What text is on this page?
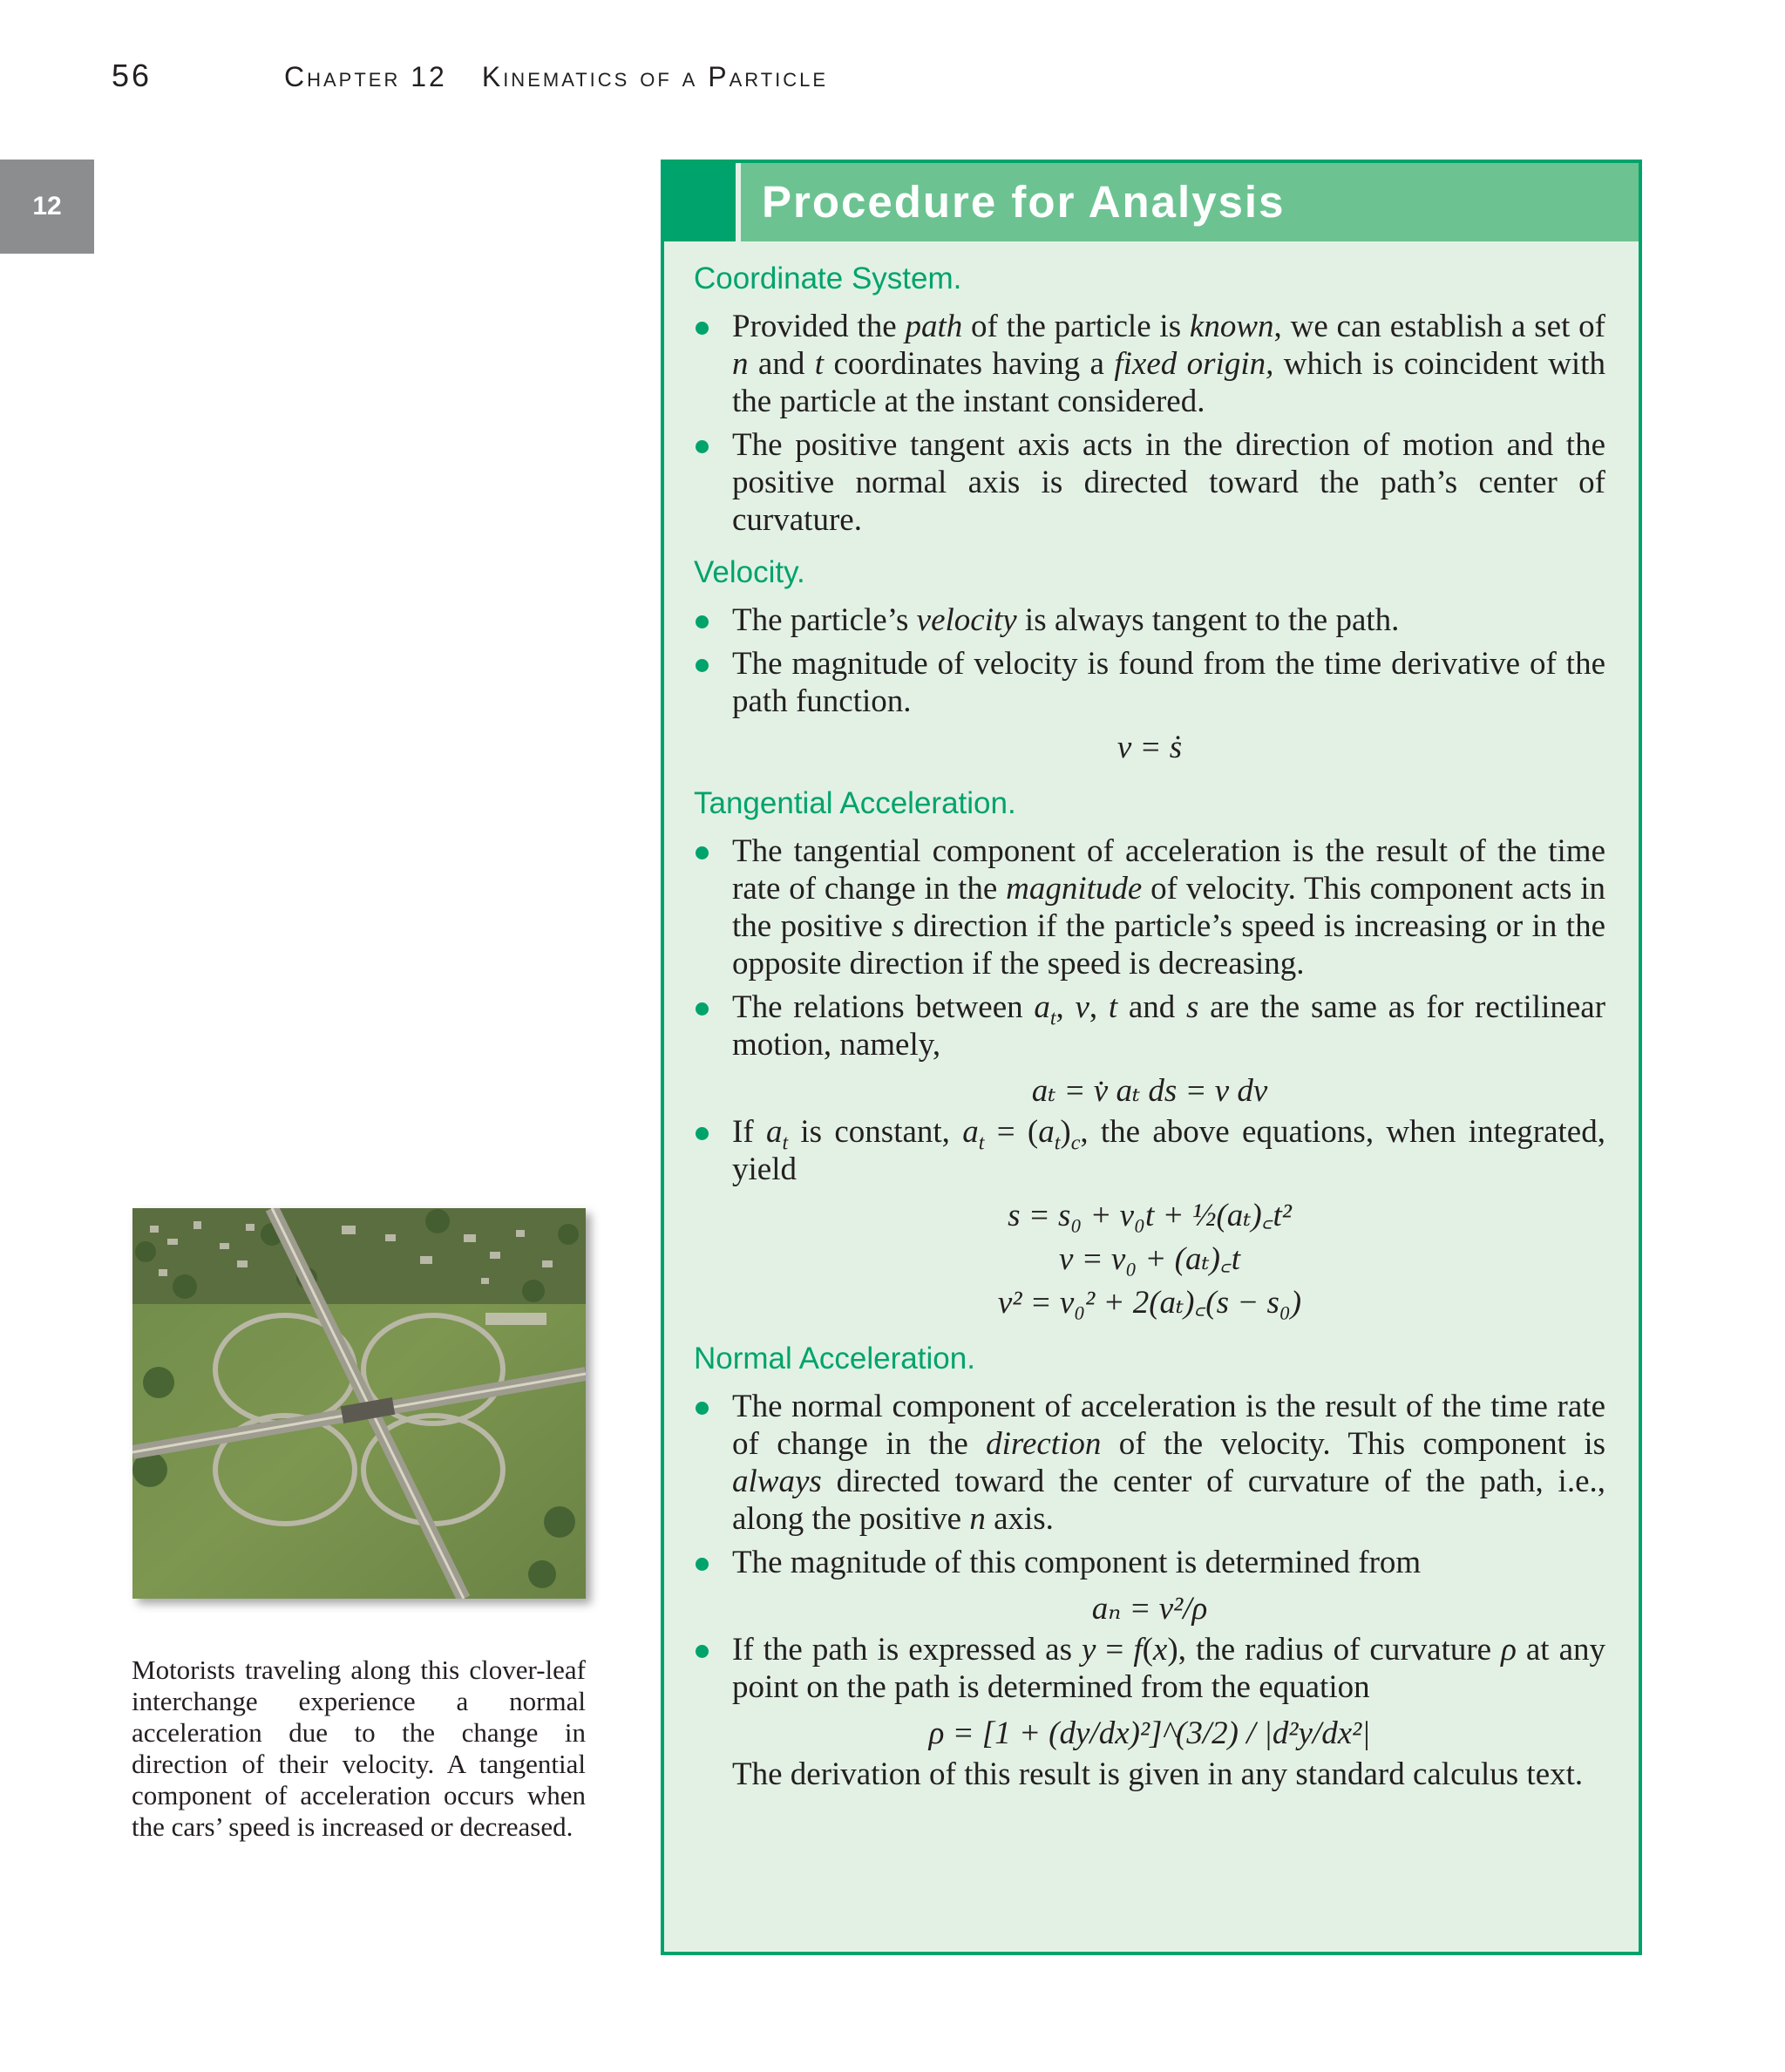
56	Chapter 12 Kinematics of a Particle
12
Motorists traveling along this clover-leaf interchange experience a normal acceleration due to the change in direction of their velocity. A tangential component of acceleration occurs when the cars’ speed is increased or decreased.
Procedure for Analysis
Coordinate System.
Provided the path of the particle is known, we can establish a set of n and t coordinates having a fixed origin, which is coincident with the particle at the instant considered.
The positive tangent axis acts in the direction of motion and the positive normal axis is directed toward the path’s center of curvature.
Velocity.
The particle’s velocity is always tangent to the path.
The magnitude of velocity is found from the time derivative of the path function.
v = ṡ
Tangential Acceleration.
The tangential component of acceleration is the result of the time rate of change in the magnitude of velocity. This component acts in the positive s direction if the particle’s speed is increasing or in the opposite direction if the speed is decreasing.
The relations between $a_t$, v, t and s are the same as for rectilinear motion, namely,
aₜ = v̇ aₜ ds = v dv
If $a_t$ is constant, $a_t = (a_t)_c$, the above equations, when integrated, yield
s = s₀ + v₀t + ½(aₜ)꜀t²
v = v₀ + (aₜ)꜀t
v² = v₀² + 2(aₜ)꜀(s − s₀)
Normal Acceleration.
The normal component of acceleration is the result of the time rate of change in the direction of the velocity. This component is always directed toward the center of curvature of the path, i.e., along the positive n axis.
The magnitude of this component is determined from
aₙ = v²/ρ
If the path is expressed as y = f(x), the radius of curvature ρ at any point on the path is determined from the equation
ρ = [1 + (dy/dx)²]^(3/2) / |d²y/dx²|
The derivation of this result is given in any standard calculus text.
